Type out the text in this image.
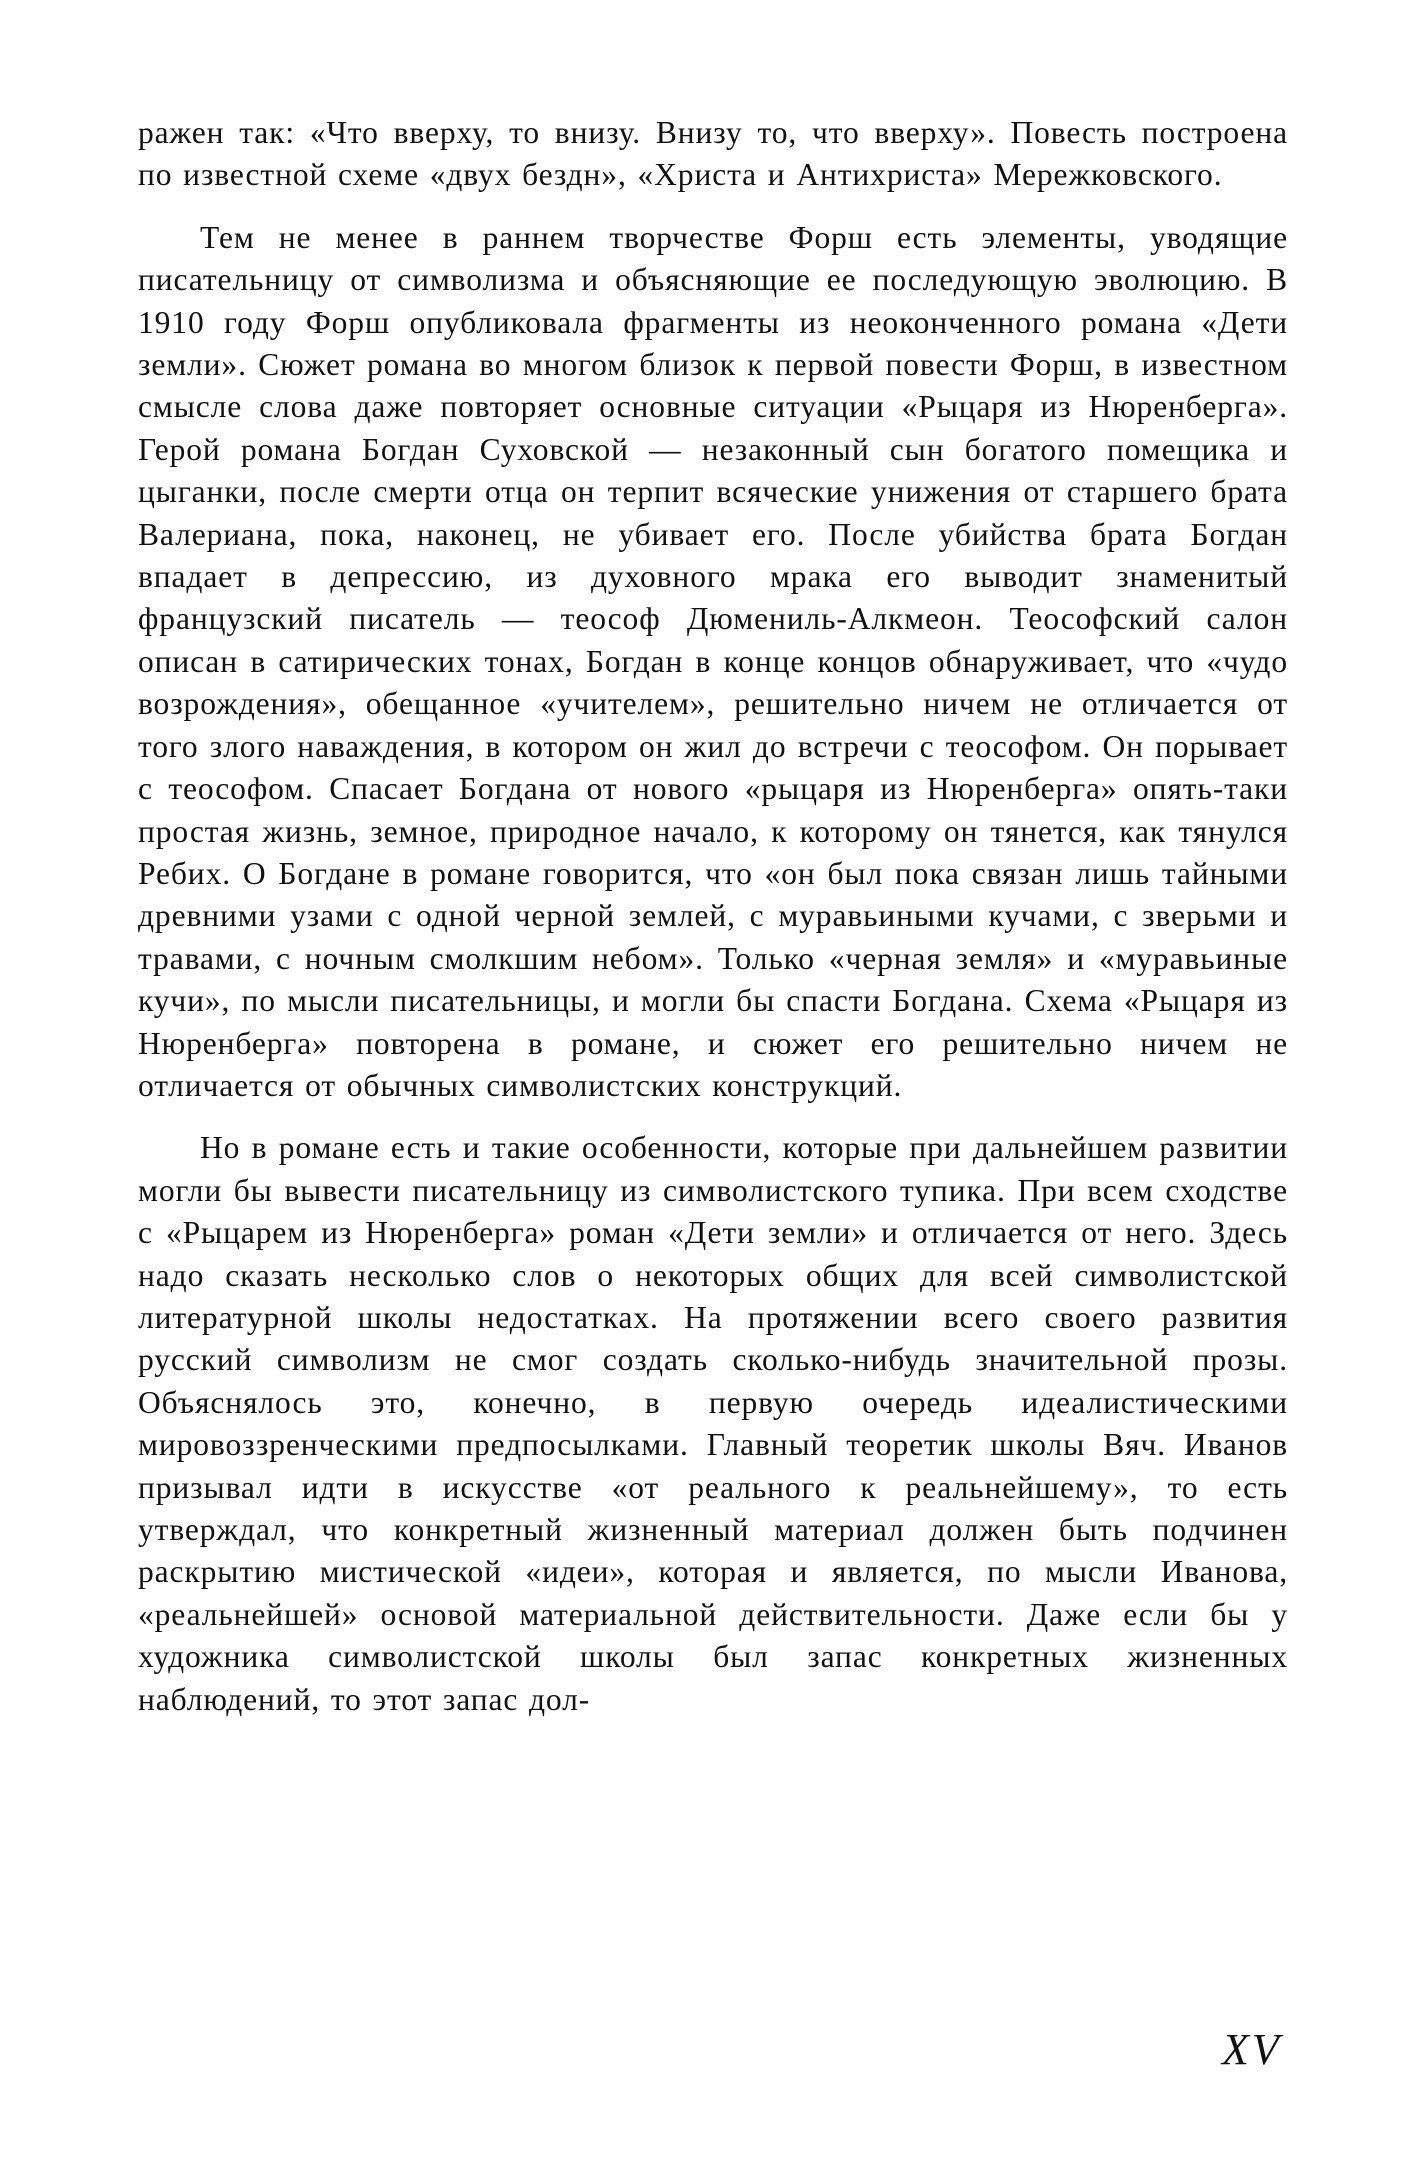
ражен так: «Что вверху, то внизу. Внизу то, что вверху». Повесть построена по известной схеме «двух бездн», «Христа и Антихриста» Мережковского.

Тем не менее в раннем творчестве Форш есть элементы, уводящие писательницу от символизма и объясняющие ее последующую эволюцию. В 1910 году Форш опубликовала фрагменты из неоконченного романа «Дети земли». Сюжет романа во многом близок к первой повести Форш, в известном смысле слова даже повторяет основные ситуации «Рыцаря из Нюренберга». Герой романа Богдан Суховской — незаконный сын богатого помещика и цыганки, после смерти отца он терпит всяческие унижения от старшего брата Валериана, пока, наконец, не убивает его. После убийства брата Богдан впадает в депрессию, из духовного мрака его выводит знаменитый французский писатель — теософ Дюмениль-Алкмеон. Теософский салон описан в сатирических тонах, Богдан в конце концов обнаруживает, что «чудо возрождения», обещанное «учителем», решительно ничем не отличается от того злого наваждения, в котором он жил до встречи с теософом. Он порывает с теософом. Спасает Богдана от нового «рыцаря из Нюренберга» опять-таки простая жизнь, земное, природное начало, к которому он тянется, как тянулся Ребих. О Богдане в романе говорится, что «он был пока связан лишь тайными древними узами с одной черной землей, с муравьиными кучами, с зверьми и травами, с ночным смолкшим небом». Только «черная земля» и «муравьиные кучи», по мысли писательницы, и могли бы спасти Богдана. Схема «Рыцаря из Нюренберга» повторена в романе, и сюжет его решительно ничем не отличается от обычных символистских конструкций.

Но в романе есть и такие особенности, которые при дальнейшем развитии могли бы вывести писательницу из символистского тупика. При всем сходстве с «Рыцарем из Нюренберга» роман «Дети земли» и отличается от него. Здесь надо сказать несколько слов о некоторых общих для всей символистской литературной школы недостатках. На протяжении всего своего развития русский символизм не смог создать сколько-нибудь значительной прозы. Объяснялось это, конечно, в первую очередь идеалистическими мировоззренческими предпосылками. Главный теоретик школы Вяч. Иванов призывал идти в искусстве «от реального к реальнейшему», то есть утверждал, что конкретный жизненный материал должен быть подчинен раскрытию мистической «идеи», которая и является, по мысли Иванова, «реальнейшей» основой материальной действительности. Даже если бы у художника символистской школы был запас конкретных жизненных наблюдений, то этот запас дол-

XV
